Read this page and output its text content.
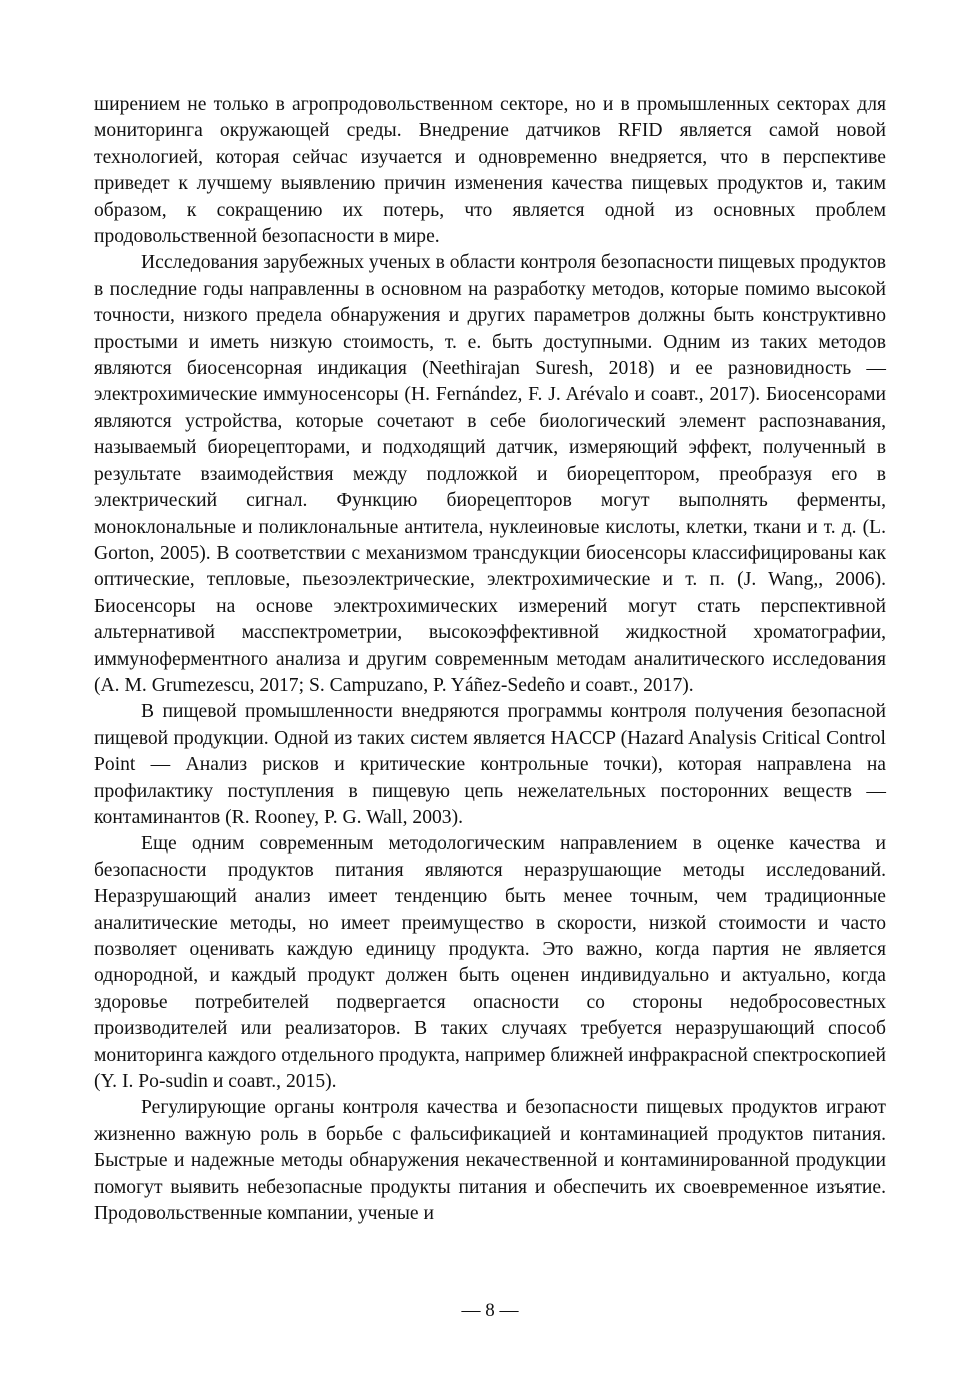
ширением не только в агропродовольственном секторе, но и в промышленных секторах для мониторинга окружающей среды. Внедрение датчиков RFID является самой новой технологией, которая сейчас изучается и одновременно внедряется, что в перспективе приведет к лучшему выявлению причин изменения качества пищевых продуктов и, таким образом, к сокращению их потерь, что является одной из основных проблем продовольственной безопасности в мире.

Исследования зарубежных ученых в области контроля безопасности пищевых продуктов в последние годы направленны в основном на разработку методов, которые помимо высокой точности, низкого предела обнаружения и других параметров должны быть конструктивно простыми и иметь низкую стоимость, т. е. быть доступными. Одним из таких методов являются биосенсорная индикация (Neethirajan Suresh, 2018) и ее разновидность — электрохимические иммуносенсоры (H. Fernández, F. J. Arévalo и соавт., 2017). Биосенсорами являются устройства, которые сочетают в себе биологический элемент распознавания, называемый биорецепторами, и подходящий датчик, измеряющий эффект, полученный в результате взаимодействия между подложкой и биорецептором, преобразуя его в электрический сигнал. Функцию биорецепторов могут выполнять ферменты, моноклональные и поликлональные антитела, нуклеиновые кислоты, клетки, ткани и т. д. (L. Gorton, 2005). В соответствии с механизмом трансдукции биосенсоры классифицированы как оптические, тепловые, пьезоэлектрические, электрохимические и т. п. (J. Wang,, 2006). Биосенсоры на основе электрохимических измерений могут стать перспективной альтернативой масспектрометрии, высокоэффективной жидкостной хроматографии, иммуноферментного анализа и другим современным методам аналитического исследования (A. M. Grumezescu, 2017; S. Campuzano, P. Yáñez-Sedeño и соавт., 2017).

В пищевой промышленности внедряются программы контроля получения безопасной пищевой продукции. Одной из таких систем является HACCP (Hazard Analysis Critical Control Point — Анализ рисков и критические контрольные точки), которая направлена на профилактику поступления в пищевую цепь нежелательных посторонних веществ — контаминантов (R. Rooney, P. G. Wall, 2003).

Еще одним современным методологическим направлением в оценке качества и безопасности продуктов питания являются неразрушающие методы исследований. Неразрушающий анализ имеет тенденцию быть менее точным, чем традиционные аналитические методы, но имеет преимущество в скорости, низкой стоимости и часто позволяет оценивать каждую единицу продукта. Это важно, когда партия не является однородной, и каждый продукт должен быть оценен индивидуально и актуально, когда здоровье потребителей подвергается опасности со стороны недобросовестных производителей или реализаторов. В таких случаях требуется неразрушающий способ мониторинга каждого отдельного продукта, например ближней инфракрасной спектроскопией (Y. I. Po-sudin и соавт., 2015).

Регулирующие органы контроля качества и безопасности пищевых продуктов играют жизненно важную роль в борьбе с фальсификацией и контаминацией продуктов питания. Быстрые и надежные методы обнаружения некачественной и контаминированной продукции помогут выявить небезопасные продукты питания и обеспечить их своевременное изъятие. Продовольственные компании, ученые и

— 8 —
